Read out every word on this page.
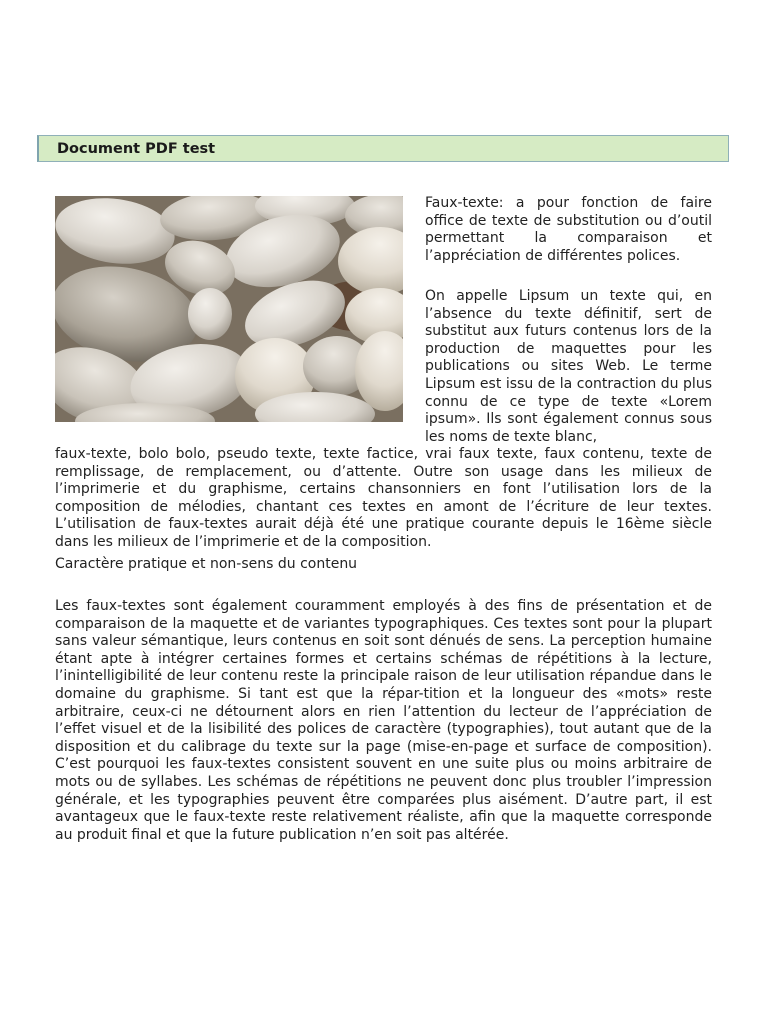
Document PDF test

Faux-texte: a pour fonction de faire office de texte de substitution ou d’outil permettant la comparaison et l’appréciation de différentes polices.

On appelle Lipsum un texte qui, en l’absence du texte définitif, sert de substitut aux futurs contenus lors de la production de maquettes pour les publications ou sites Web. Le terme Lipsum est issu de la contraction du plus connu de ce type de texte «Lorem ipsum». Ils sont également connus sous les noms de texte blanc,

faux-texte, bolo bolo, pseudo texte, texte factice, vrai faux texte, faux contenu, texte de remplissage, de remplacement, ou d’attente. Outre son usage dans les milieux de l’imprimerie et du graphisme, certains chansonniers en font l’utilisation lors de la composition de mélodies, chantant ces textes en amont de l’écriture de leur textes. L’utilisation de faux-textes aurait déjà été une pratique courante depuis le 16ème siècle dans les milieux de l’imprimerie et de la composition.

Caractère pratique et non-sens du contenu

Les faux-textes sont également couramment employés à des fins de présentation et de comparaison de la maquette et de variantes typographiques. Ces textes sont pour la plupart sans valeur sémantique, leurs contenus en soit sont dénués de sens. La perception humaine étant apte à intégrer certaines formes et certains schémas de répétitions à la lecture, l’inintelligibilité de leur contenu reste la principale raison de leur utilisation répandue dans le domaine du graphisme. Si tant est que la répar-tition et la longueur des «mots» reste arbitraire, ceux-ci ne détournent alors en rien l’attention du lecteur de l’appréciation de l’effet visuel et de la lisibilité des polices de caractère (typographies), tout autant que de la disposition et du calibrage du texte sur la page (mise-en-page et surface de composition). C’est pourquoi les faux-textes consistent souvent en une suite plus ou moins arbitraire de mots ou de syllabes. Les schémas de répétitions ne peuvent donc plus troubler l’impression générale, et les typographies peuvent être comparées plus aisément. D’autre part, il est avantageux que le faux-texte reste relativement réaliste, afin que la maquette corresponde au produit final et que la future publication n’en soit pas altérée.
